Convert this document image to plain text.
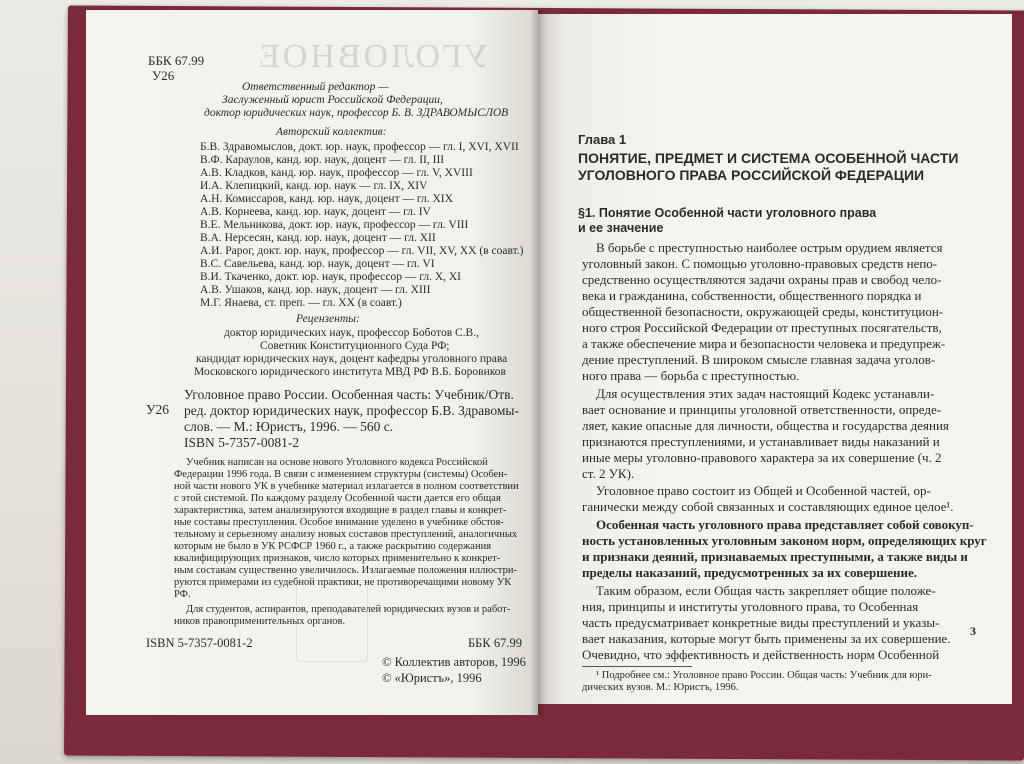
УГОЛОВНОЕ
ББК 67.99
У26
Ответственный редактор —
Заслуженный юрист Российской Федерации,
доктор юридических наук, профессор Б. В. ЗДРАВОМЫСЛОВ
Авторский коллектив:
Б.В. Здравомыслов, докт. юр. наук, профессор — гл. I, XVI, XVII
В.Ф. Караулов, канд. юр. наук, доцент — гл. II, III
А.В. Кладков, канд. юр. наук, профессор — гл. V, XVIII
И.А. Клепицкий, канд. юр. наук — гл. IX, XIV
А.Н. Комиссаров, канд. юр. наук, доцент — гл. XIX
А.В. Корнеева, канд. юр. наук, доцент — гл. IV
В.Е. Мельникова, докт. юр. наук, профессор — гл. VIII
В.А. Нерсесян, канд. юр. наук, доцент — гл. XII
А.И. Рарог, докт. юр. наук, профессор — гл. VII, XV, XX (в соавт.)
В.С. Савельева, канд. юр. наук, доцент — гл. VI
В.И. Ткаченко, докт. юр. наук, профессор — гл. X, XI
А.В. Ушаков, канд. юр. наук, доцент — гл. XIII
М.Г. Янаева, ст. преп. — гл. XX (в соавт.)
Рецензенты:
доктор юридических наук, профессор Боботов С.В.,
Советник Конституционного Суда РФ;
кандидат юридических наук, доцент кафедры уголовного права
Московского юридического института МВД РФ В.Б. Боровиков
У26
Уголовное право России. Особенная часть: Учебник/Отв.
ред. доктор юридических наук, профессор Б.В. Здравомы-
слов. — М.: Юристъ, 1996. — 560 с.
ISBN 5-7357-0081-2
Учебник написан на основе нового Уголовного кодекса Российской
Федерации 1996 года. В связи с изменением структуры (системы) Особен-
ной части нового УК в учебнике материал излагается в полном соответствии
с этой системой. По каждому разделу Особенной части дается его общая
характеристика, затем анализируются входящие в раздел главы и конкрет-
ные составы преступления. Особое внимание уделено в учебнике обстоя-
тельному и серьезному анализу новых составов преступлений, аналогичных
которым не было в УК РСФСР 1960 г., а также раскрытию содержания
квалифицирующих признаков, число которых применительно к конкрет-
ным составам существенно увеличилось. Излагаемые положения иллюстри-
руются примерами из судебной практики, не противоречащими новому УК
РФ.
Для студентов, аспирантов, преподавателей юридических вузов и работ-
ников правоприменительных органов.
ISBN 5-7357-0081-2	ББК 67.99
© Коллектив авторов, 1996
© «Юристъ», 1996
Глава 1
ПОНЯТИЕ, ПРЕДМЕТ И СИСТЕМА ОСОБЕННОЙ ЧАСТИ
УГОЛОВНОГО ПРАВА РОССИЙСКОЙ ФЕДЕРАЦИИ
§1. Понятие Особенной части уголовного права
и ее значение
В борьбе с преступностью наиболее острым орудием является
уголовный закон. С помощью уголовно-правовых средств непо-
средственно осуществляются задачи охраны прав и свобод чело-
века и гражданина, собственности, общественного порядка и
общественной безопасности, окружающей среды, конституцион-
ного строя Российской Федерации от преступных посягательств,
а также обеспечение мира и безопасности человека и предупреж-
дение преступлений. В широком смысле главная задача уголов-
ного права — борьба с преступностью.
Для осуществления этих задач настоящий Кодекс устанавли-
вает основание и принципы уголовной ответственности, опреде-
ляет, какие опасные для личности, общества и государства деяния
признаются преступлениями, и устанавливает виды наказаний и
иные меры уголовно-правового характера за их совершение (ч. 2
ст. 2 УК).
Уголовное право состоит из Общей и Особенной частей, ор-
ганически между собой связанных и составляющих единое целое¹.
Особенная часть уголовного права представляет собой совокуп-
ность установленных уголовным законом норм, определяющих круг
и признаки деяний, признаваемых преступными, а также виды и
пределы наказаний, предусмотренных за их совершение.
Таким образом, если Общая часть закрепляет общие положе-
ния, принципы и институты уголовного права, то Особенная
часть предусматривает конкретные виды преступлений и указы-
вает наказания, которые могут быть применены за их совершение.
Очевидно, что эффективность и действенность норм Особенной
¹ Подробнее см.: Уголовное право России. Общая часть: Учебник для юри-
дических вузов. М.: Юристъ, 1996.
3
